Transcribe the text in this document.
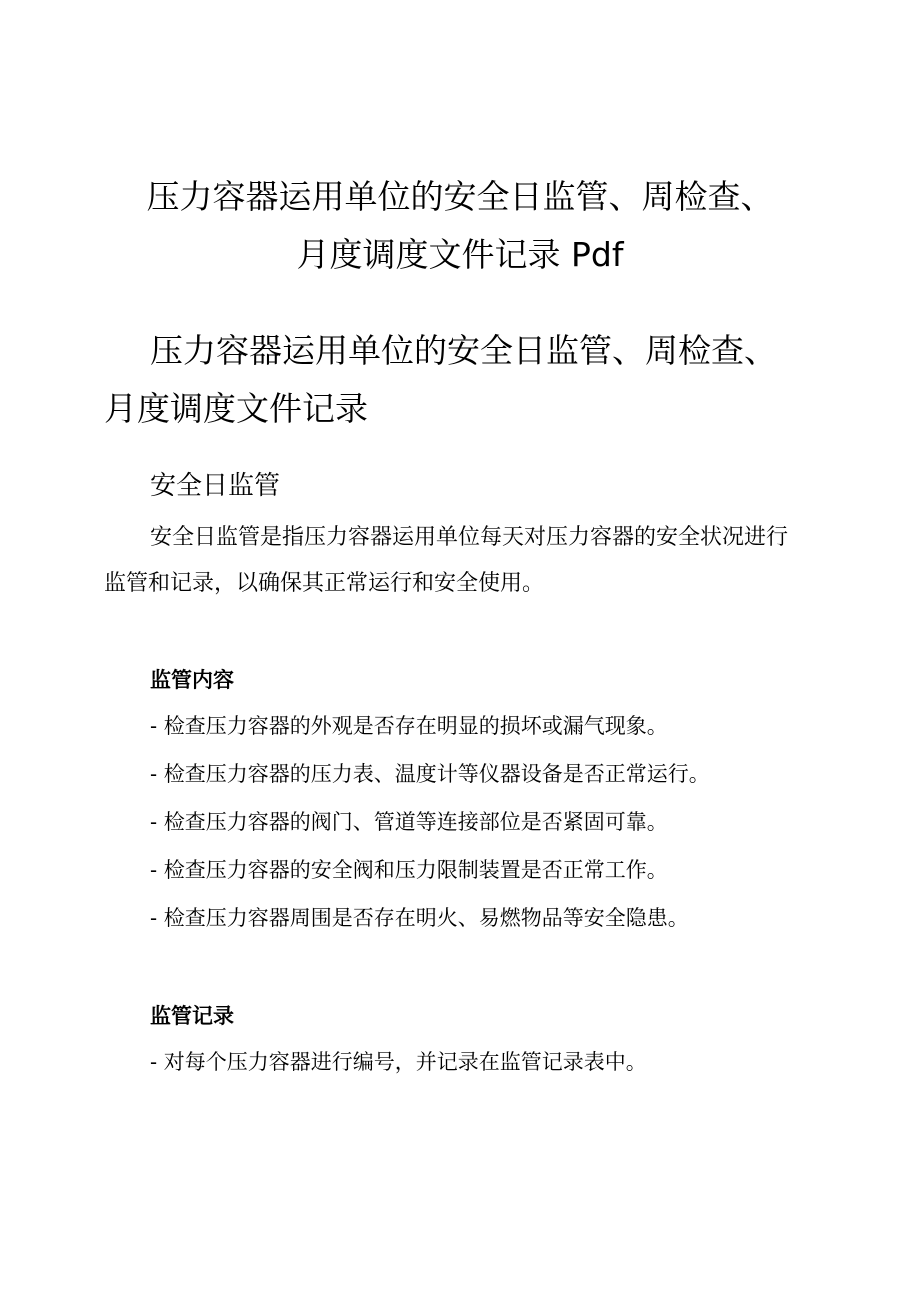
压力容器运用单位的安全日监管、周检查、
月度调度文件记录 Pdf
压力容器运用单位的安全日监管、周检查、
月度调度文件记录
安全日监管

安全日监管是指压力容器运用单位每天对压力容器的安全状况进行
监管和记录，以确保其正常运行和安全使用。

监管内容
- 检查压力容器的外观是否存在明显的损坏或漏气现象。
- 检查压力容器的压力表、温度计等仪器设备是否正常运行。
- 检查压力容器的阀门、管道等连接部位是否紧固可靠。
- 检查压力容器的安全阀和压力限制装置是否正常工作。
- 检查压力容器周围是否存在明火、易燃物品等安全隐患。
监管记录
- 对每个压力容器进行编号，并记录在监管记录表中。
